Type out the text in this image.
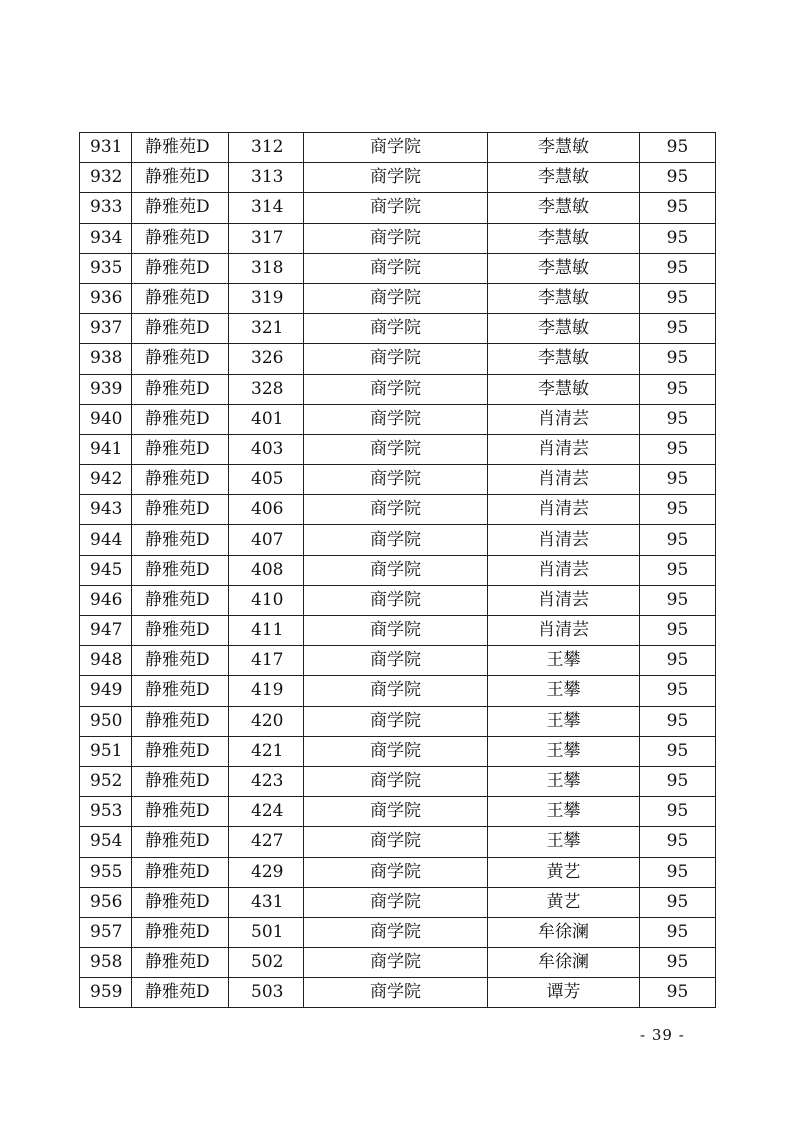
931	静雅苑D	312	商学院	李慧敏	95
932	静雅苑D	313	商学院	李慧敏	95
933	静雅苑D	314	商学院	李慧敏	95
934	静雅苑D	317	商学院	李慧敏	95
935	静雅苑D	318	商学院	李慧敏	95
936	静雅苑D	319	商学院	李慧敏	95
937	静雅苑D	321	商学院	李慧敏	95
938	静雅苑D	326	商学院	李慧敏	95
939	静雅苑D	328	商学院	李慧敏	95
940	静雅苑D	401	商学院	肖清芸	95
941	静雅苑D	403	商学院	肖清芸	95
942	静雅苑D	405	商学院	肖清芸	95
943	静雅苑D	406	商学院	肖清芸	95
944	静雅苑D	407	商学院	肖清芸	95
945	静雅苑D	408	商学院	肖清芸	95
946	静雅苑D	410	商学院	肖清芸	95
947	静雅苑D	411	商学院	肖清芸	95
948	静雅苑D	417	商学院	王攀	95
949	静雅苑D	419	商学院	王攀	95
950	静雅苑D	420	商学院	王攀	95
951	静雅苑D	421	商学院	王攀	95
952	静雅苑D	423	商学院	王攀	95
953	静雅苑D	424	商学院	王攀	95
954	静雅苑D	427	商学院	王攀	95
955	静雅苑D	429	商学院	黄艺	95
956	静雅苑D	431	商学院	黄艺	95
957	静雅苑D	501	商学院	牟徐澜	95
958	静雅苑D	502	商学院	牟徐澜	95
959	静雅苑D	503	商学院	谭芳	95
- 39 -
